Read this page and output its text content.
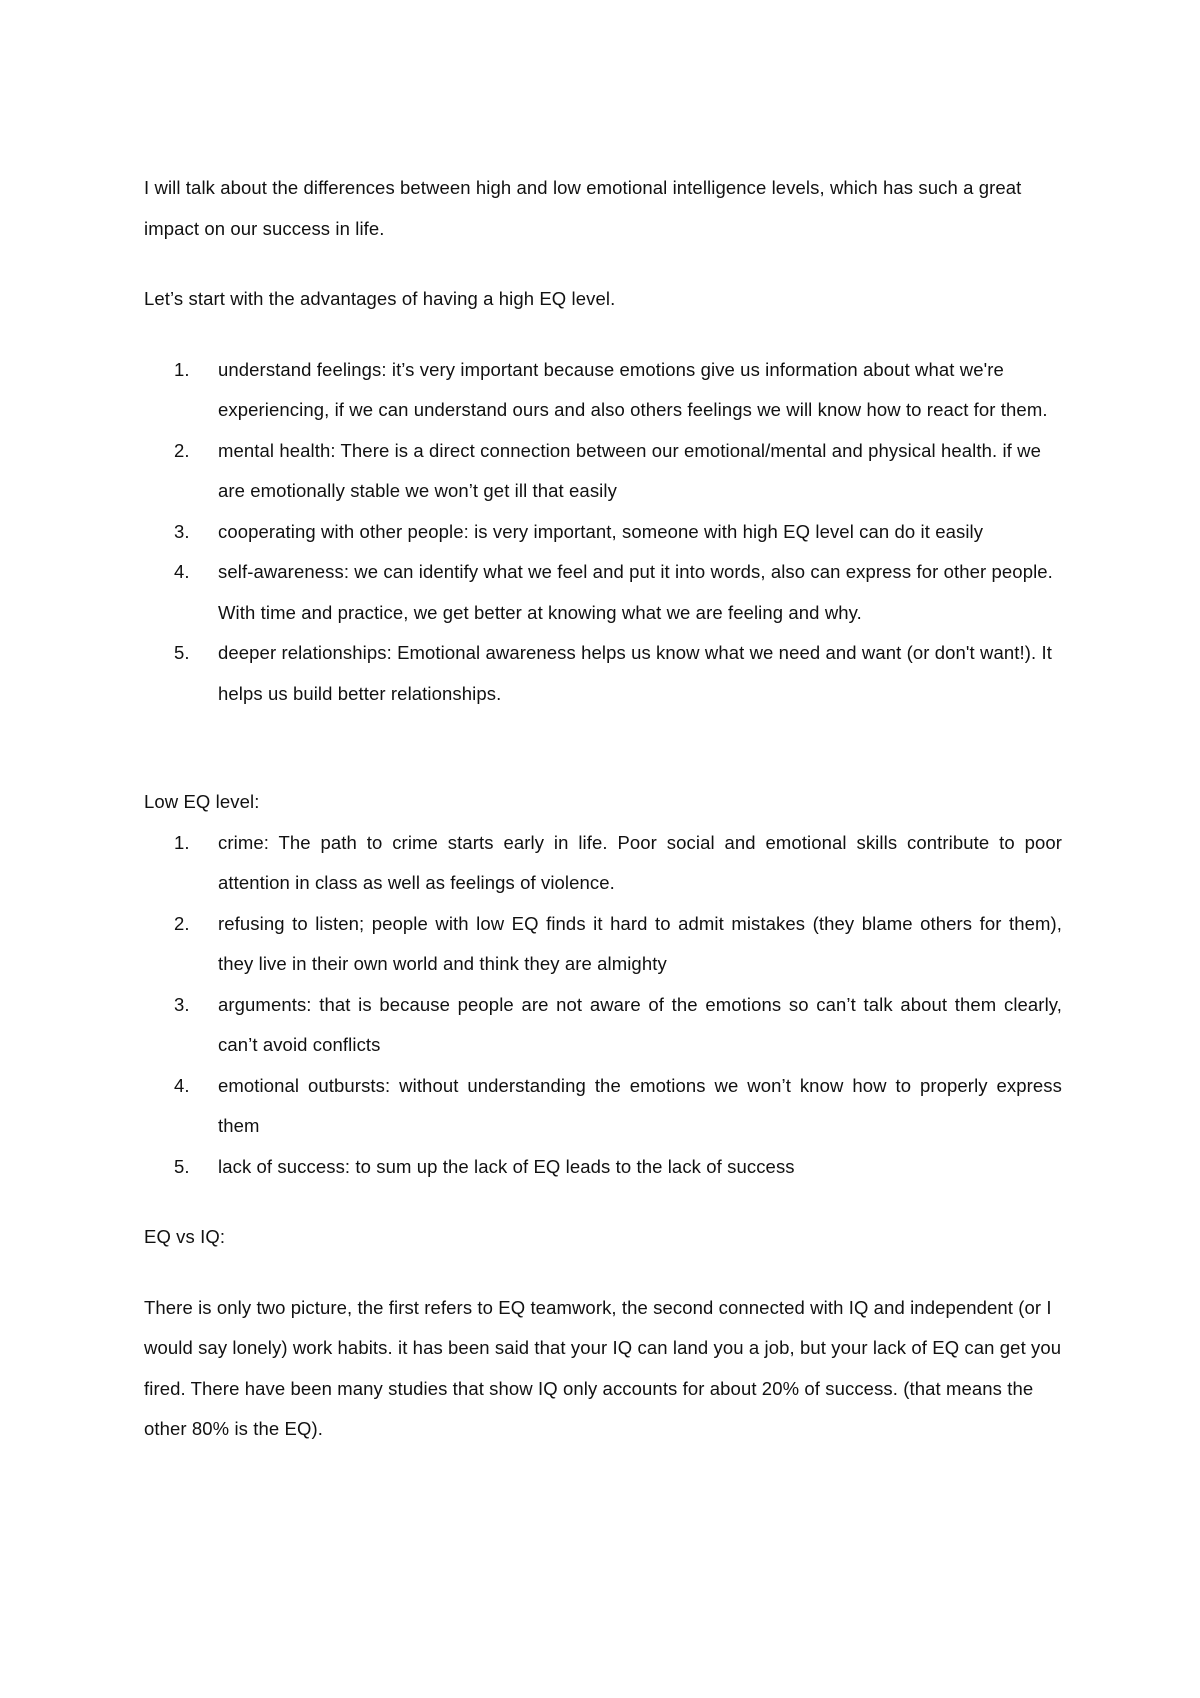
I will talk about the differences between high and low emotional intelligence levels, which has such a great impact on our success in life.

Let’s start with the advantages of having a high EQ level.

1. understand feelings: it’s very important because emotions give us information about what we're experiencing, if we can understand ours and also others feelings we will know how to react for them.
2. mental health: There is a direct connection between our emotional/mental and physical health. if we are emotionally stable we won’t get ill that easily
3. cooperating with other people: is very important, someone with high EQ level can do it easily
4. self-awareness: we can identify what we feel and put it into words, also can express for other people. With time and practice, we get better at knowing what we are feeling and why.
5. deeper relationships: Emotional awareness helps us know what we need and want (or don't want!). It helps us build better relationships.

Low EQ level:

1. crime: The path to crime starts early in life. Poor social and emotional skills contribute to poor attention in class as well as feelings of violence.
2. refusing to listen; people with low EQ finds it hard to admit mistakes (they blame others for them), they live in their own world and think they are almighty
3. arguments: that is because people are not aware of the emotions so can’t talk about them clearly, can’t avoid conflicts
4. emotional outbursts: without understanding the emotions we won’t know how to properly express them
5. lack of success: to sum up the lack of EQ leads to the lack of success

EQ vs IQ:

There is only two picture, the first refers to EQ teamwork, the second connected with IQ and independent (or I would say lonely) work habits. it has been said that your IQ can land you a job, but your lack of EQ can get you fired. There have been many studies that show IQ only accounts for about 20% of success. (that means the other 80% is the EQ).
